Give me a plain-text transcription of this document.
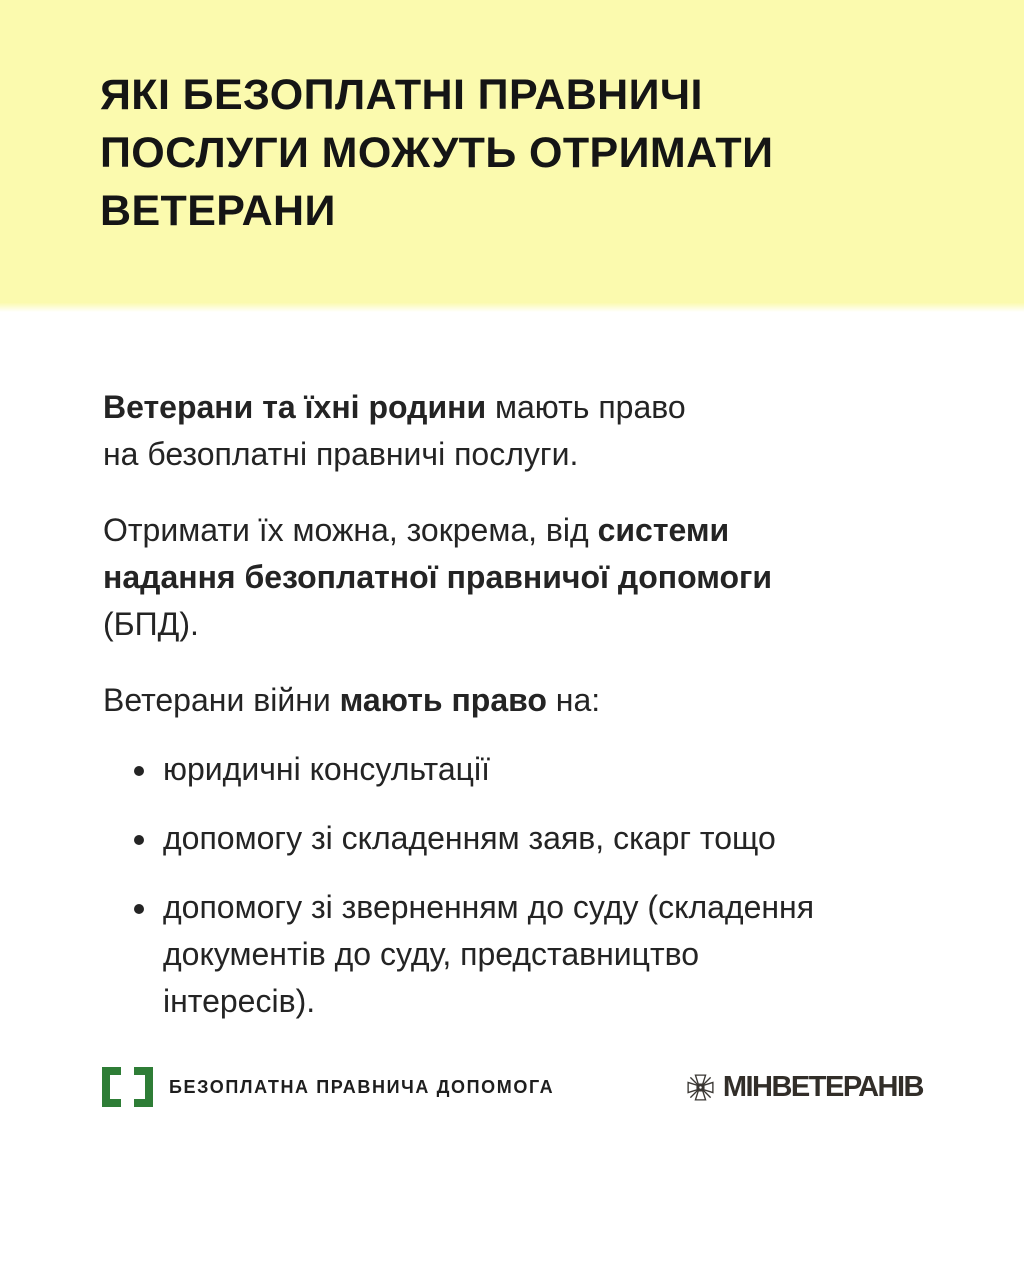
ЯКІ БЕЗОПЛАТНІ ПРАВНИЧІ
ПОСЛУГИ МОЖУТЬ ОТРИМАТИ
ВЕТЕРАНИ

Ветерани та їхні родини мають право
на безоплатні правничі послуги.

Отримати їх можна, зокрема, від системи
надання безоплатної правничої допомоги
(БПД).

Ветерани війни мають право на:

юридичні консультації
допомогу зі складенням заяв, скарг тощо
допомогу зі зверненням до суду (складення
документів до суду, представництво
інтересів).
БЕЗОПЛАТНА ПРАВНИЧА ДОПОМОГА	МІНВЕТЕРАНІВ
